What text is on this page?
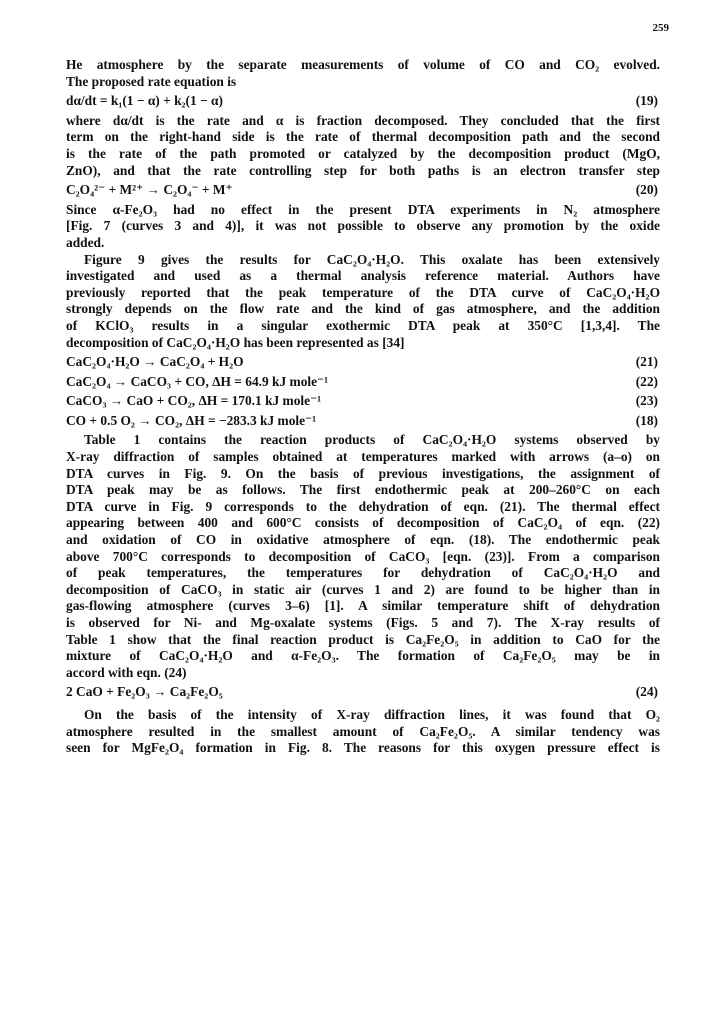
259
He atmosphere by the separate measurements of volume of CO and CO₂ evolved.
The proposed rate equation is
dα/dt = k₁(1 − α) + k₂(1 − α)	(19)
where dα/dt is the rate and α is fraction decomposed. They concluded that the first
term on the right-hand side is the rate of thermal decomposition path and the second
is the rate of the path promoted or catalyzed by the decomposition product (MgO,
ZnO), and that the rate controlling step for both paths is an electron transfer step
C₂O₄²⁻ + M²⁺ → C₂O₄⁻ + M⁺	(20)
Since α-Fe₂O₃ had no effect in the present DTA experiments in N₂ atmosphere
[Fig. 7 (curves 3 and 4)], it was not possible to observe any promotion by the oxide
added.
Figure 9 gives the results for CaC₂O₄·H₂O. This oxalate has been extensively
investigated and used as a thermal analysis reference material. Authors have
previously reported that the peak temperature of the DTA curve of CaC₂O₄·H₂O
strongly depends on the flow rate and the kind of gas atmosphere, and the addition
of KClO₃ results in a singular exothermic DTA peak at 350°C [1,3,4]. The
decomposition of CaC₂O₄·H₂O has been represented as [34]
CaC₂O₄·H₂O → CaC₂O₄ + H₂O	(21)
CaC₂O₄ → CaCO₃ + CO, ΔH = 64.9 kJ mole⁻¹	(22)
CaCO₃ → CaO + CO₂, ΔH = 170.1 kJ mole⁻¹	(23)
CO + 0.5 O₂ → CO₂, ΔH = −283.3 kJ mole⁻¹	(18)
Table 1 contains the reaction products of CaC₂O₄·H₂O systems observed by
X-ray diffraction of samples obtained at temperatures marked with arrows (a–o) on
DTA curves in Fig. 9. On the basis of previous investigations, the assignment of
DTA peak may be as follows. The first endothermic peak at 200–260°C on each
DTA curve in Fig. 9 corresponds to the dehydration of eqn. (21). The thermal effect
appearing between 400 and 600°C consists of decomposition of CaC₂O₄ of eqn. (22)
and oxidation of CO in oxidative atmosphere of eqn. (18). The endothermic peak
above 700°C corresponds to decomposition of CaCO₃ [eqn. (23)]. From a comparison
of peak temperatures, the temperatures for dehydration of CaC₂O₄·H₂O and
decomposition of CaCO₃ in static air (curves 1 and 2) are found to be higher than in
gas-flowing atmosphere (curves 3–6) [1]. A similar temperature shift of dehydration
is observed for Ni- and Mg-oxalate systems (Figs. 5 and 7). The X-ray results of
Table 1 show that the final reaction product is Ca₂Fe₂O₅ in addition to CaO for the
mixture of CaC₂O₄·H₂O and α-Fe₂O₃. The formation of Ca₂Fe₂O₅ may be in
accord with eqn. (24)
2 CaO + Fe₂O₃ → Ca₂Fe₂O₅	(24)
On the basis of the intensity of X-ray diffraction lines, it was found that O₂
atmosphere resulted in the smallest amount of Ca₂Fe₂O₅. A similar tendency was
seen for MgFe₂O₄ formation in Fig. 8. The reasons for this oxygen pressure effect is
